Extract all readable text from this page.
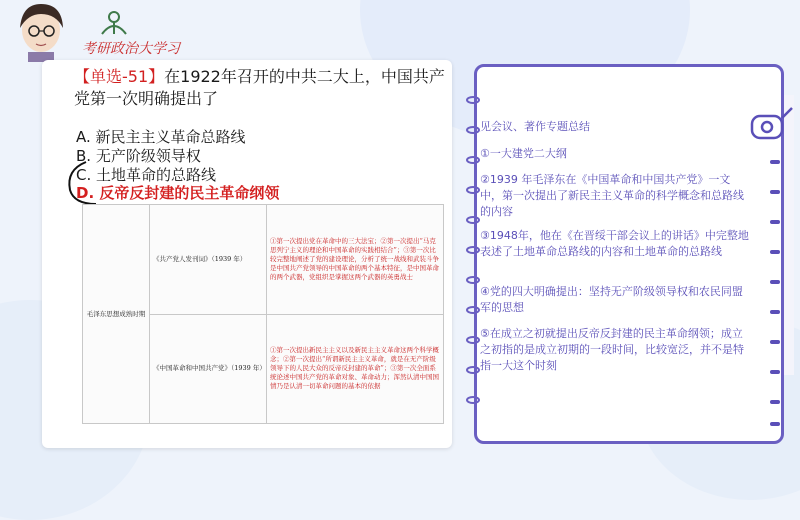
考研政治大学习
【单选-51】在1922年召开的中共二大上，中国共产党第一次明确提出了
A. 新民主主义革命总路线
B. 无产阶级领导权
C. 土地革命的总路线
D. 反帝反封建的民主革命纲领
毛泽东思想成熟时期	《共产党人发刊词》（1939 年）	①第一次提出党在革命中的三大法宝；②第一次提出“马克思列宁主义的理论和中国革命的实践相结合”；③第一次比较完整地阐述了党的建设理论，分析了统一战线和武装斗争是中国共产党领导的中国革命的两个基本特征，是中国革命的两个武器，党组织是掌握这两个武器的英勇战士
	《中国革命和中国共产党》（1939 年）	①第一次提出新民主主义以及新民主主义革命这两个科学概念；②第一次提出“所谓新民主主义革命，就是在无产阶级领导下的人民大众的反帝反封建的革命”；③第一次全面系统论述中国共产党的革命对象、革命动力；浑然认清中国国情乃是认清一切革命问题的基本的依据
见会议、著作专题总结
①一大建党二大纲
②1939 年毛泽东在《中国革命和中国共产党》一文中，第一次提出了新民主主义革命的科学概念和总路线的内容
③1948年，他在《在晋绥干部会议上的讲话》中完整地表述了土地革命总路线的内容和土地革命的总路线
④党的四大明确提出：坚持无产阶级领导权和农民同盟军的思想
⑤在成立之初就提出反帝反封建的民主革命纲领；成立之初指的是成立初期的一段时间，比较宽泛，并不是特指一大这个时刻
